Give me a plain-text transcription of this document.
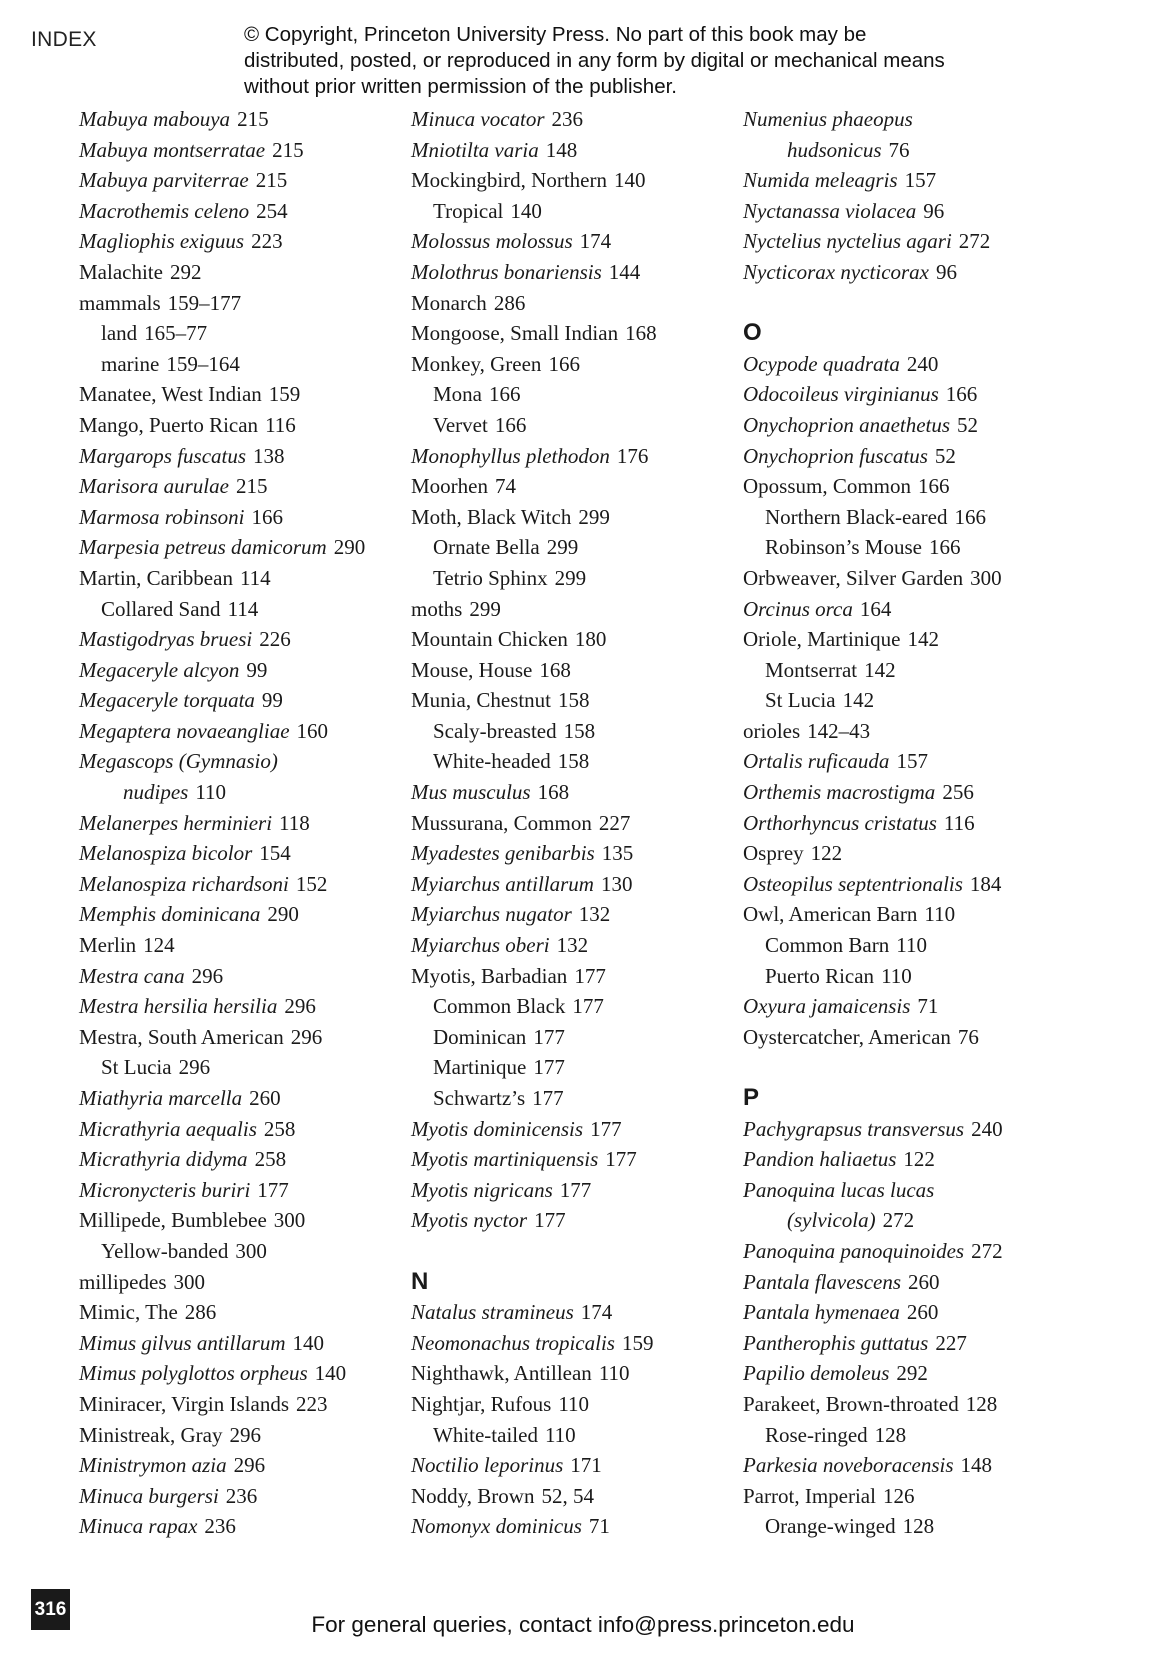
INDEX	© Copyright, Princeton University Press. No part of this book may be distributed, posted, or reproduced in any form by digital or mechanical means without prior written permission of the publisher.
Mabuya mabouya 215
Mabuya montserratae 215
Mabuya parviterrae 215
Macrothemis celeno 254
Magliophis exiguus 223
Malachite 292
mammals 159–177
land 165–77
marine 159–164
Manatee, West Indian 159
Mango, Puerto Rican 116
Margarops fuscatus 138
Marisora aurulae 215
Marmosa robinsoni 166
Marpesia petreus damicorum 290
Martin, Caribbean 114
Collared Sand 114
Mastigodryas bruesi 226
Megaceryle alcyon 99
Megaceryle torquata 99
Megaptera novaeangliae 160
Megascops (Gymnasio)
nudipes 110
Melanerpes herminieri 118
Melanospiza bicolor 154
Melanospiza richardsoni 152
Memphis dominicana 290
Merlin 124
Mestra cana 296
Mestra hersilia hersilia 296
Mestra, South American 296
St Lucia 296
Miathyria marcella 260
Micrathyria aequalis 258
Micrathyria didyma 258
Micronycteris buriri 177
Millipede, Bumblebee 300
Yellow-banded 300
millipedes 300
Mimic, The 286
Mimus gilvus antillarum 140
Mimus polyglottos orpheus 140
Miniracer, Virgin Islands 223
Ministreak, Gray 296
Ministrymon azia 296
Minuca burgersi 236
Minuca rapax 236
Minuca vocator 236
Mniotilta varia 148
Mockingbird, Northern 140
Tropical 140
Molossus molossus 174
Molothrus bonariensis 144
Monarch 286
Mongoose, Small Indian 168
Monkey, Green 166
Mona 166
Vervet 166
Monophyllus plethodon 176
Moorhen 74
Moth, Black Witch 299
Ornate Bella 299
Tetrio Sphinx 299
moths 299
Mountain Chicken 180
Mouse, House 168
Munia, Chestnut 158
Scaly-breasted 158
White-headed 158
Mus musculus 168
Mussurana, Common 227
Myadestes genibarbis 135
Myiarchus antillarum 130
Myiarchus nugator 132
Myiarchus oberi 132
Myotis, Barbadian 177
Common Black 177
Dominican 177
Martinique 177
Schwartz’s 177
Myotis dominicensis 177
Myotis martiniquensis 177
Myotis nigricans 177
Myotis nyctor 177
N
Natalus stramineus 174
Neomonachus tropicalis 159
Nighthawk, Antillean 110
Nightjar, Rufous 110
White-tailed 110
Noctilio leporinus 171
Noddy, Brown 52, 54
Nomonyx dominicus 71
Numenius phaeopus
hudsonicus 76
Numida meleagris 157
Nyctanassa violacea 96
Nyctelius nyctelius agari 272
Nycticorax nycticorax 96
O
Ocypode quadrata 240
Odocoileus virginianus 166
Onychoprion anaethetus 52
Onychoprion fuscatus 52
Opossum, Common 166
Northern Black-eared 166
Robinson’s Mouse 166
Orbweaver, Silver Garden 300
Orcinus orca 164
Oriole, Martinique 142
Montserrat 142
St Lucia 142
orioles 142–43
Ortalis ruficauda 157
Orthemis macrostigma 256
Orthorhyncus cristatus 116
Osprey 122
Osteopilus septentrionalis 184
Owl, American Barn 110
Common Barn 110
Puerto Rican 110
Oxyura jamaicensis 71
Oystercatcher, American 76
P
Pachygrapsus transversus 240
Pandion haliaetus 122
Panoquina lucas lucas
(sylvicola) 272
Panoquina panoquinoides 272
Pantala flavescens 260
Pantala hymenaea 260
Pantherophis guttatus 227
Papilio demoleus 292
Parakeet, Brown-throated 128
Rose-ringed 128
Parkesia noveboracensis 148
Parrot, Imperial 126
Orange-winged 128
316
For general queries, contact info@press.princeton.edu
